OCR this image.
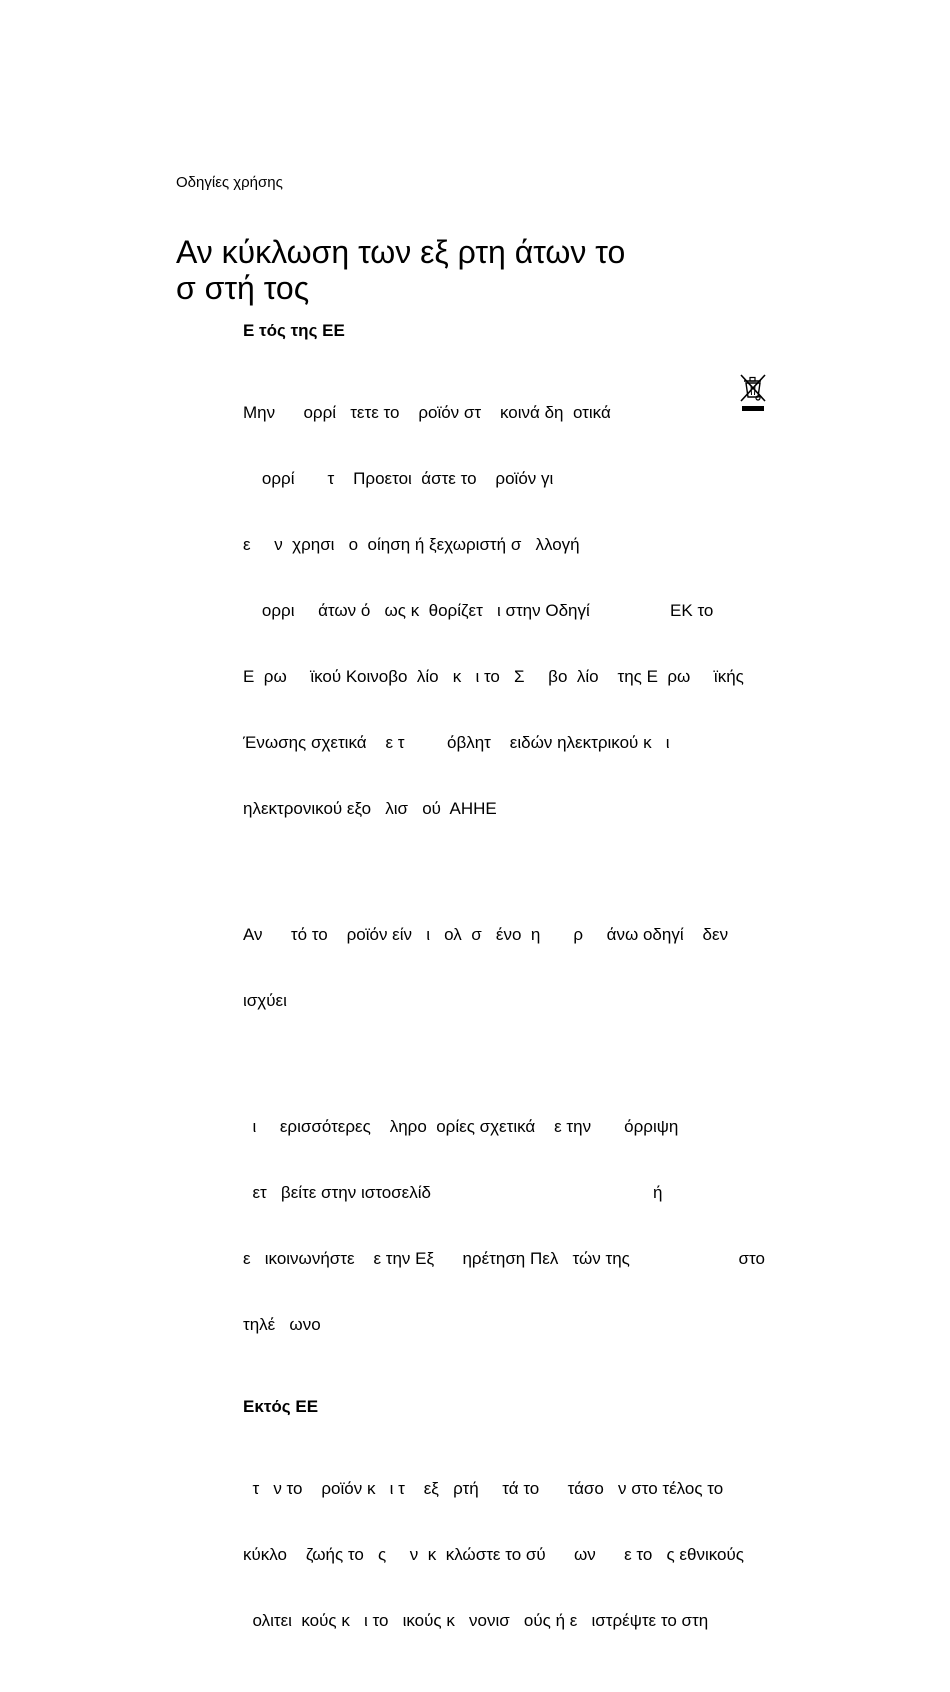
Οδηγίες χρήσης
Αν κύκλωση των εξ ρτη άτων το
σ στή τος
Ε τός της ΕΕ

Μην      ορρί   τετε το    ροϊόν στ    κοινά δη  οτικά

ορρί       τ    Προετοι  άστε το    ροϊόν γι

ε     ν  χρησι   ο  οίηση ή ξεχωριστή σ   λλογή

ορρι     άτων ό   ως κ  θορίζετ   ι στην Οδηγί                 ΕΚ το

Ε  ρω     ϊκού Κοινοβο  λίο   κ   ι το   Σ     βο  λίο    της Ε  ρω     ϊκής

Ένωσης σχετικά    ε τ         όβλητ    ειδών ηλεκτρικού κ   ι

ηλεκτρονικού εξο   λισ   ού  ΑΗΗΕ

Αν      τό το    ροϊόν είν   ι   ολ  σ   ένο  η       ρ     άνω οδηγί    δεν

ισχύει

ι     ερισσότερες    ληρο  ορίες σχετικά    ε την       όρριψη

ετ   βείτε στην ιστοσελίδ                                               ή

ε   ικοινωνήστε    ε την Εξ      ηρέτηση Πελ   τών της                       στο

τηλέ   ωνο

Εκτός ΕΕ

τ   ν το    ροϊόν κ   ι τ    εξ   ρτή     τά το      τάσο   ν στο τέλος το

κύκλο    ζωής το   ς     ν  κ  κλώστε το σύ      ων      ε το   ς εθνικούς

ολιτει  κούς κ   ι το   ικούς κ   νονισ   ούς ή ε   ιστρέψτε το στη
